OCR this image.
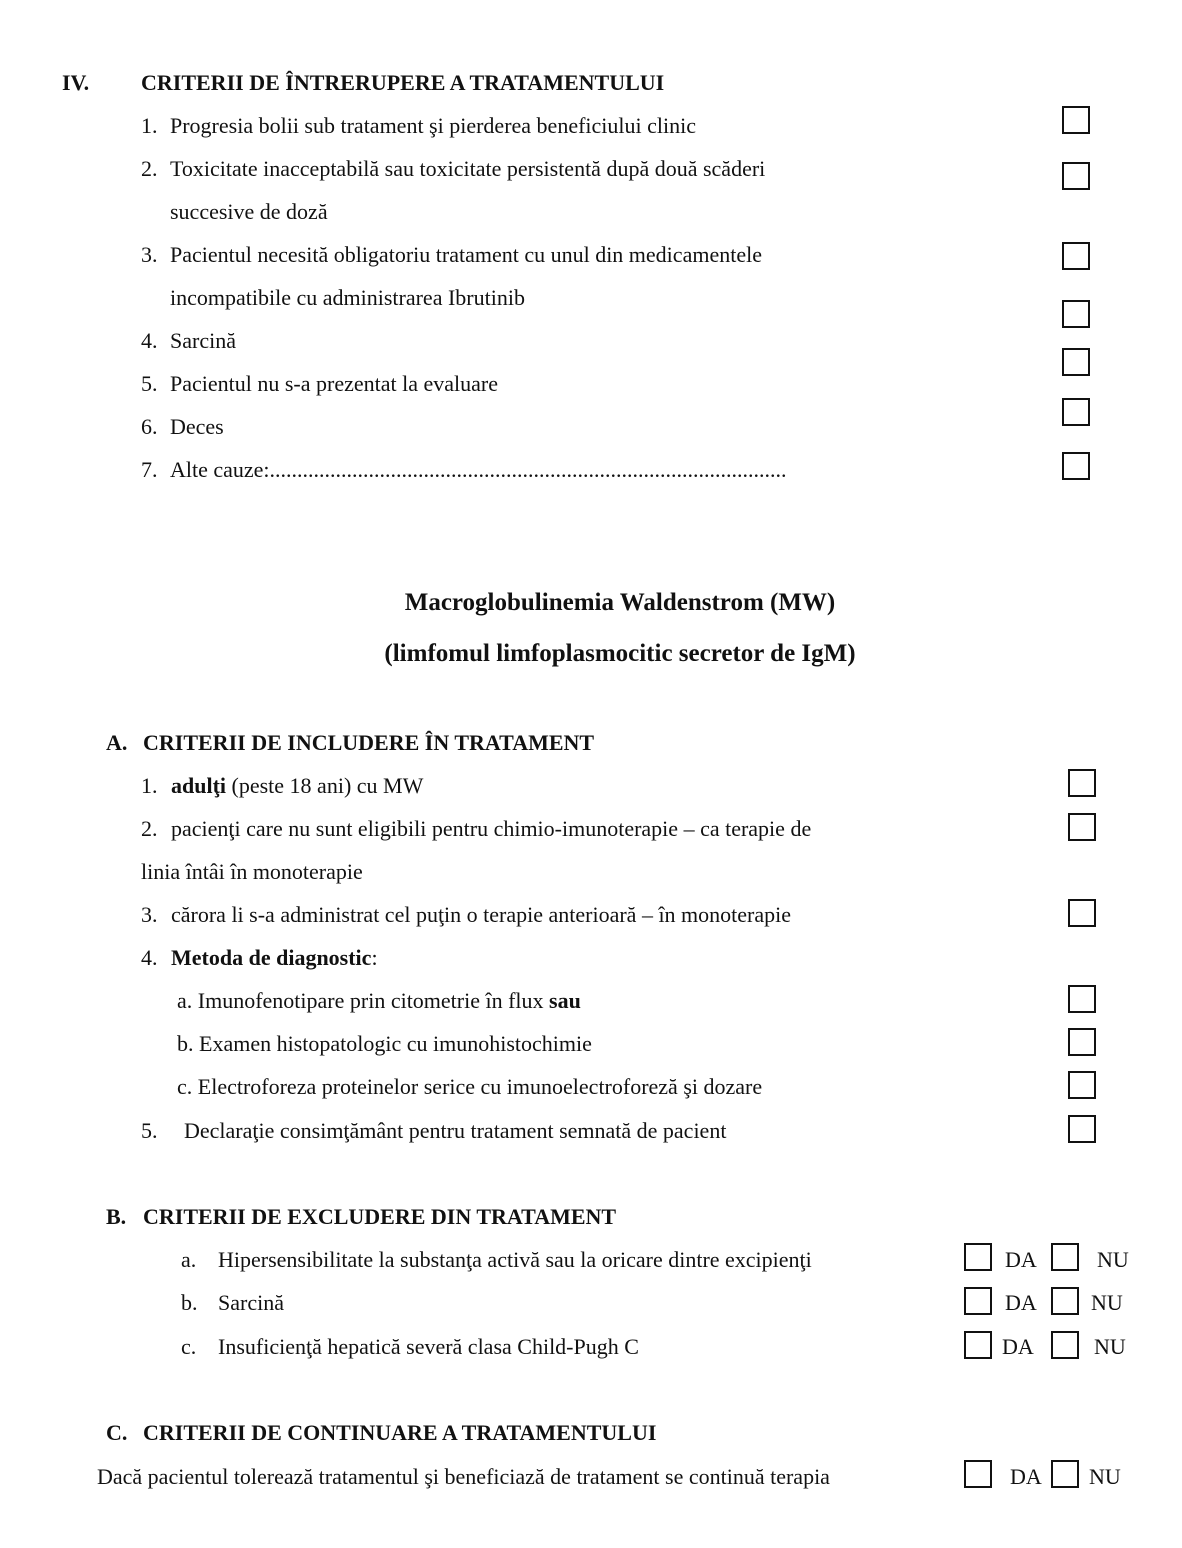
IV. CRITERII DE ÎNTRERUPERE A TRATAMENTULUI
1. Progresia bolii sub tratament şi pierderea beneficiului clinic
2. Toxicitate inacceptabilă sau toxicitate persistentă după două scăderi
succesive de doză
3. Pacientul necesită obligatoriu tratament cu unul din medicamentele
incompatibile cu administrarea Ibrutinib
4. Sarcină
5. Pacientul nu s-a prezentat la evaluare
6. Deces
7. Alte cauze:..............................................................................................
Macroglobulinemia Waldenstrom (MW)
(limfomul limfoplasmocitic secretor de IgM)
A. CRITERII DE INCLUDERE ÎN TRATAMENT
1. adulţi (peste 18 ani) cu MW
2. pacienţi care nu sunt eligibili pentru chimio-imunoterapie – ca terapie de
linia întâi în monoterapie
3. cărora li s-a administrat cel puţin o terapie anterioară – în monoterapie
4. Metoda de diagnostic:
a. Imunofenotipare prin citometrie în flux sau
b. Examen histopatologic cu imunohistochimie
c. Electroforeza proteinelor serice cu imunoelectroforeză şi dozare
5. Declaraţie consimţământ pentru tratament semnată de pacient
B. CRITERII DE EXCLUDERE DIN TRATAMENT
a. Hipersensibilitate la substanţa activă sau la oricare dintre excipienţi	DA	NU
b. Sarcină	DA NU
c. Insuficienţă hepatică severă clasa Child-Pugh C	DA	NU
C. CRITERII DE CONTINUARE A TRATAMENTULUI
Dacă pacientul tolerează tratamentul şi beneficiază de tratament se continuă terapia	DA NU
